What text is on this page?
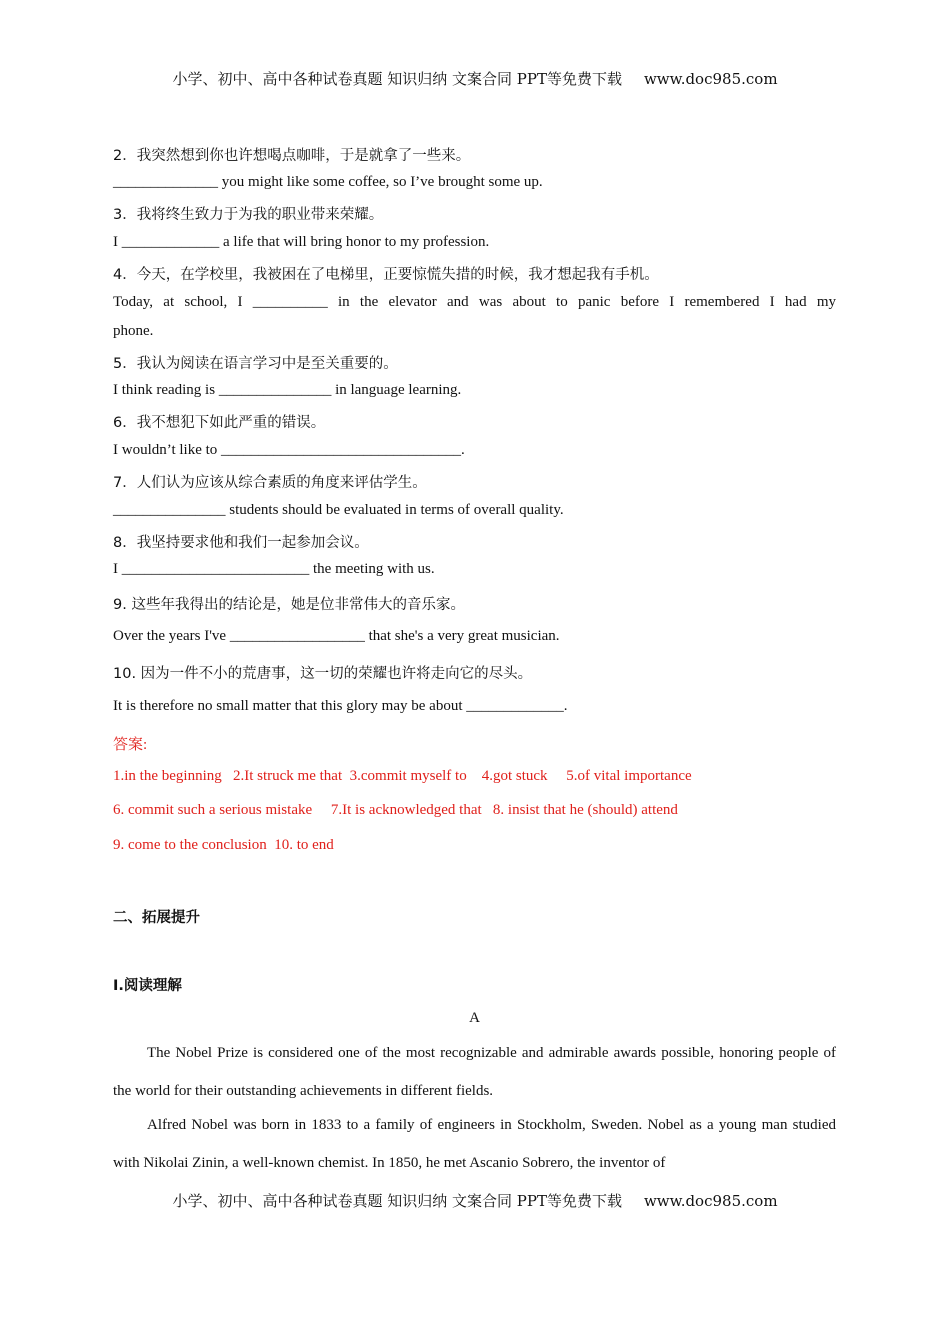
小学、初中、高中各种试卷真题 知识归纳 文案合同 PPT等免费下载 www.doc985.com
2．我突然想到你也许想喝点咖啡，于是就拿了一些来。
______________ you might like some coffee, so I’ve brought some up.
3．我将终生致力于为我的职业带来荣耀。
I _____________ a life that will bring honor to my profession.
4．今天，在学校里，我被困在了电梯里，正要惊慌失措的时候，我才想起我有手机。
Today, at school, I __________ in the elevator and was about to panic before I remembered I had my
phone.
5．我认为阅读在语言学习中是至关重要的。
I think reading is _______________ in language learning.
6．我不想犯下如此严重的错误。
I wouldn’t like to ________________________________.
7．人们认为应该从综合素质的角度来评估学生。
_______________ students should be evaluated in terms of overall quality.
8．我坚持要求他和我们一起参加会议。
I _________________________ the meeting with us.
9. 这些年我得出的结论是，她是位非常伟大的音乐家。
Over the years I've __________________ that she's a very great musician.
10. 因为一件不小的荒唐事，这一切的荣耀也许将走向它的尽头。
It is therefore no small matter that this glory may be about _____________.
答案:
1.in the beginning   2.It struck me that  3.commit myself to    4.got stuck     5.of vital importance
6. commit such a serious mistake     7.It is acknowledged that   8. insist that he (should) attend
9. come to the conclusion  10. to end
二、拓展提升
I.阅读理解
A
The Nobel Prize is considered one of the most recognizable and admirable awards possible, honoring people of the world for their outstanding achievements in different fields.
Alfred Nobel was born in 1833 to a family of engineers in Stockholm, Sweden. Nobel as a young man studied with Nikolai Zinin, a well-known chemist. In 1850, he met Ascanio Sobrero, the inventor of
小学、初中、高中各种试卷真题 知识归纳 文案合同 PPT等免费下载 www.doc985.com
